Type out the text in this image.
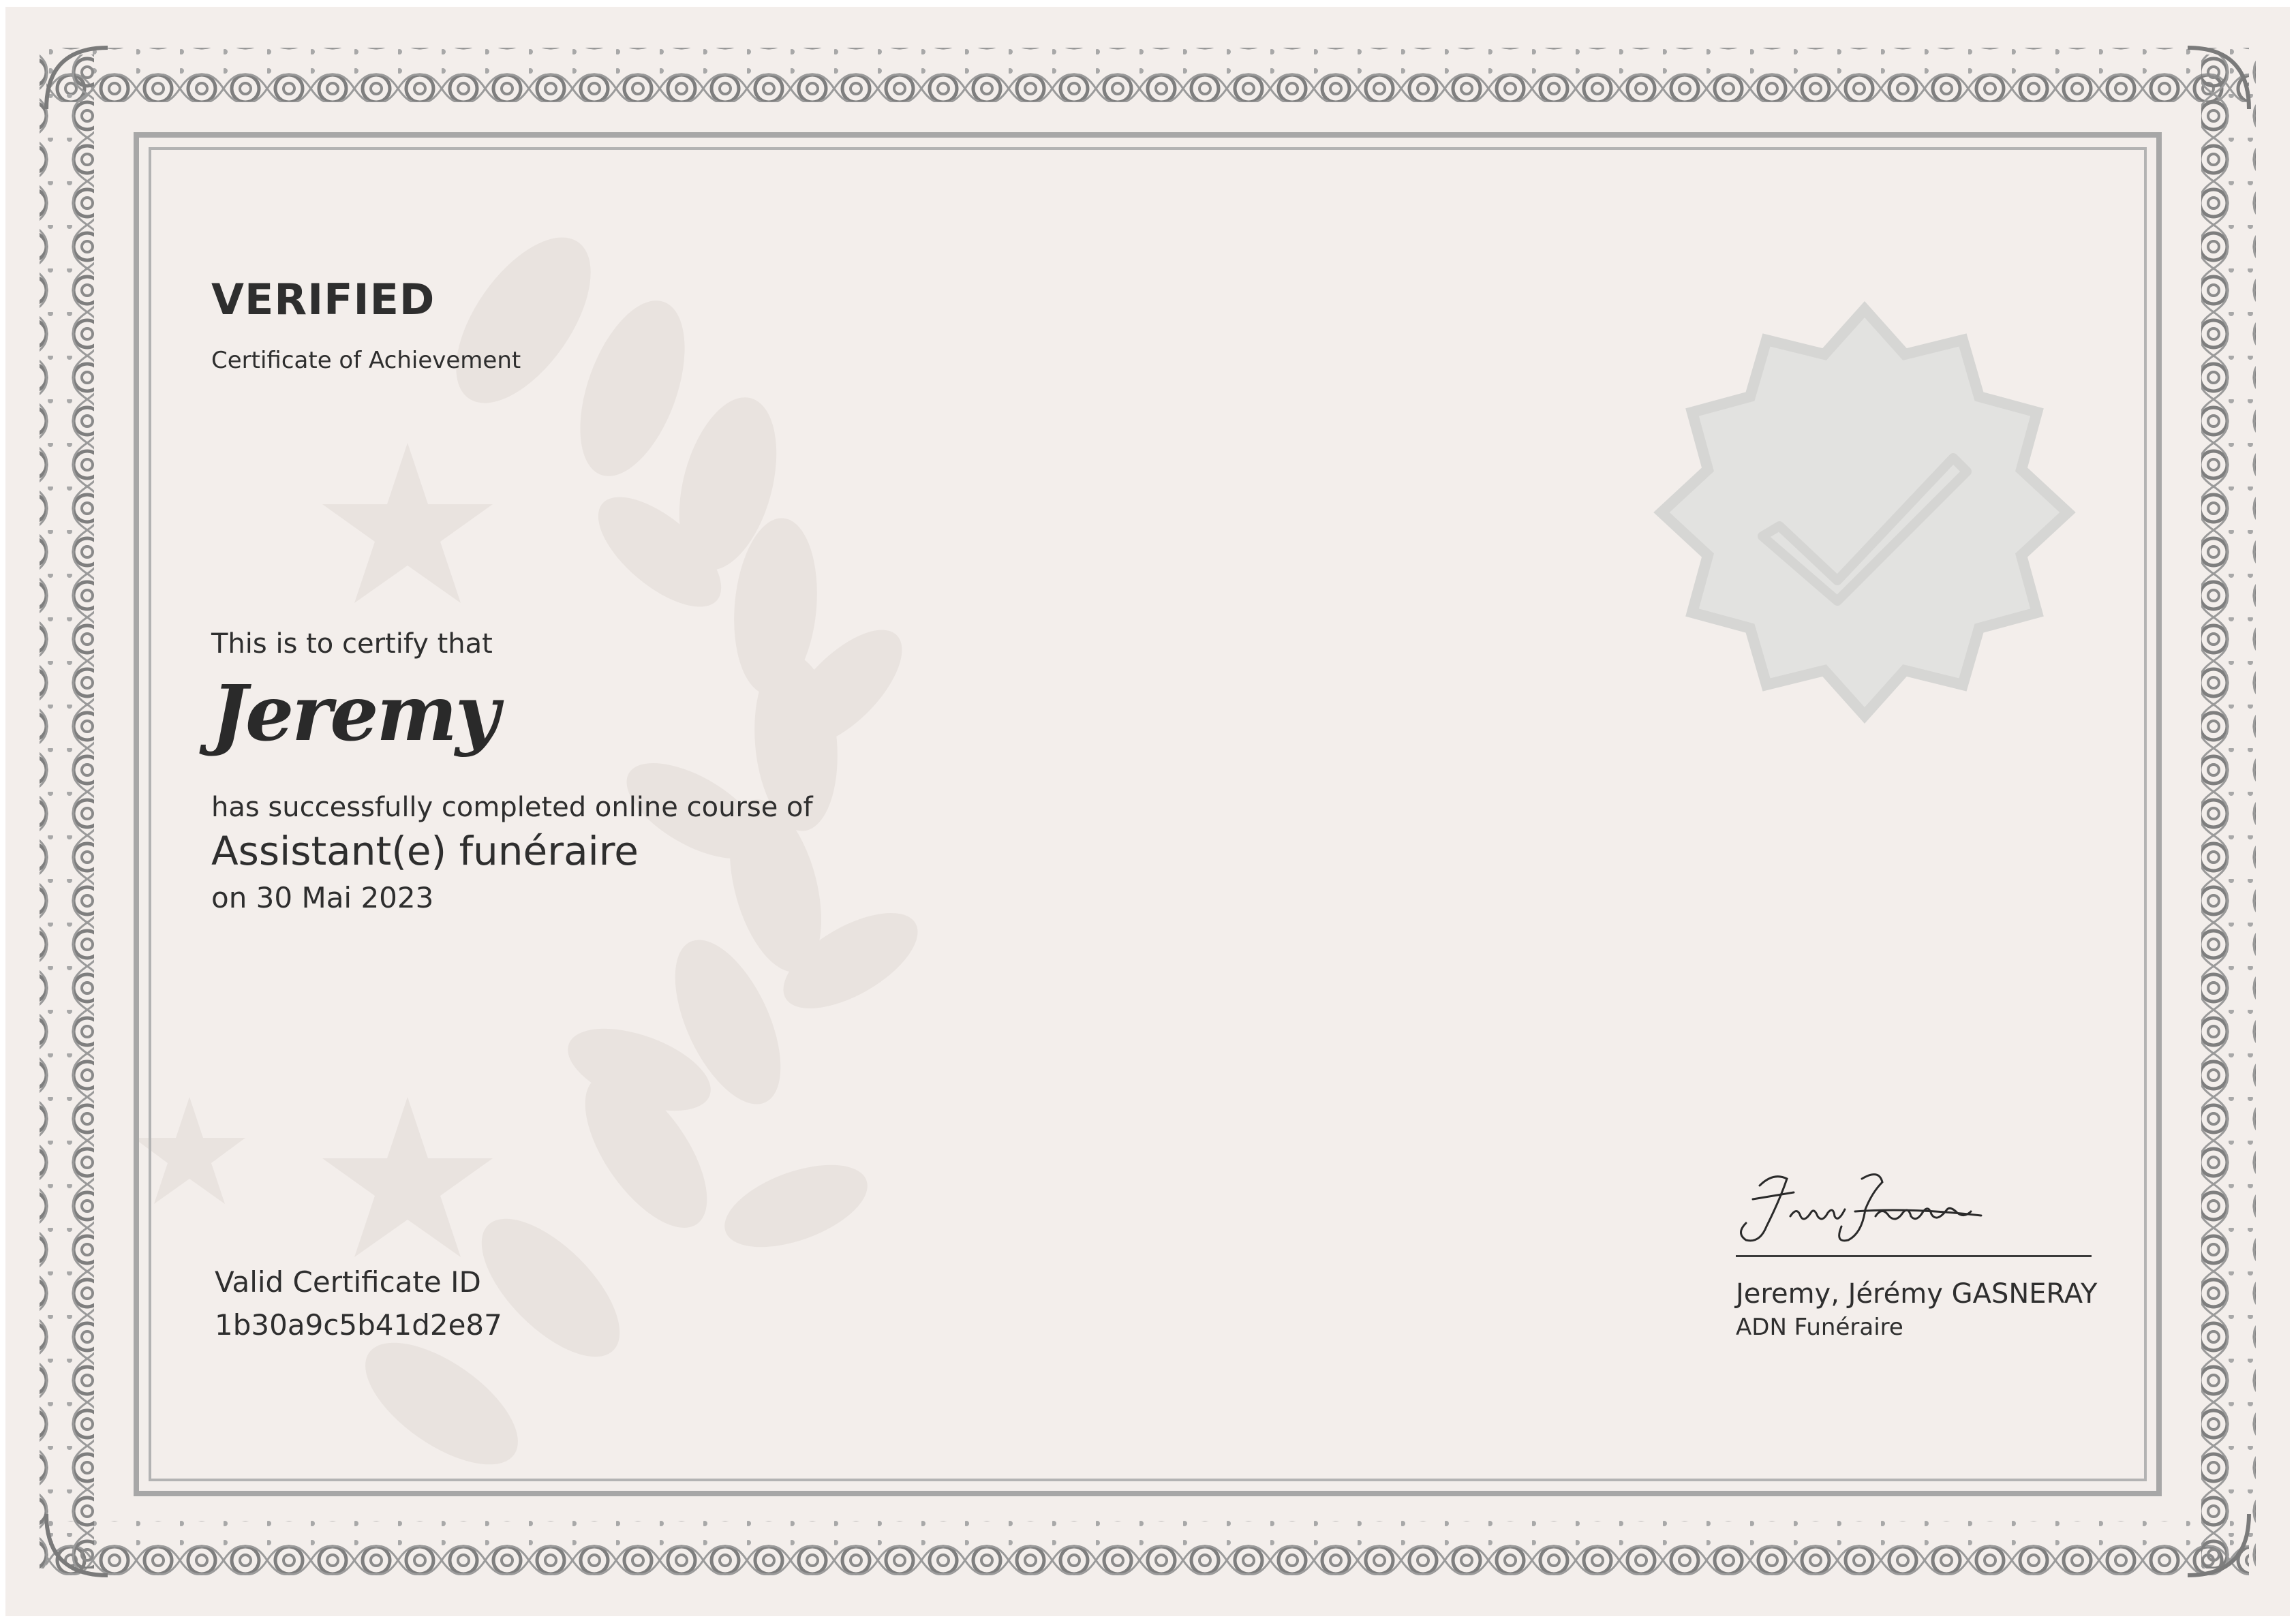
VERIFIED

Certificate of Achievement

This is to certify that

Jeremy

has successfully completed online course of

Assistant(e) funéraire

on 30 Mai 2023

Valid Certificate ID

1b30a9c5b41d2e87

Jeremy, Jérémy GASNERAY

ADN Funéraire
